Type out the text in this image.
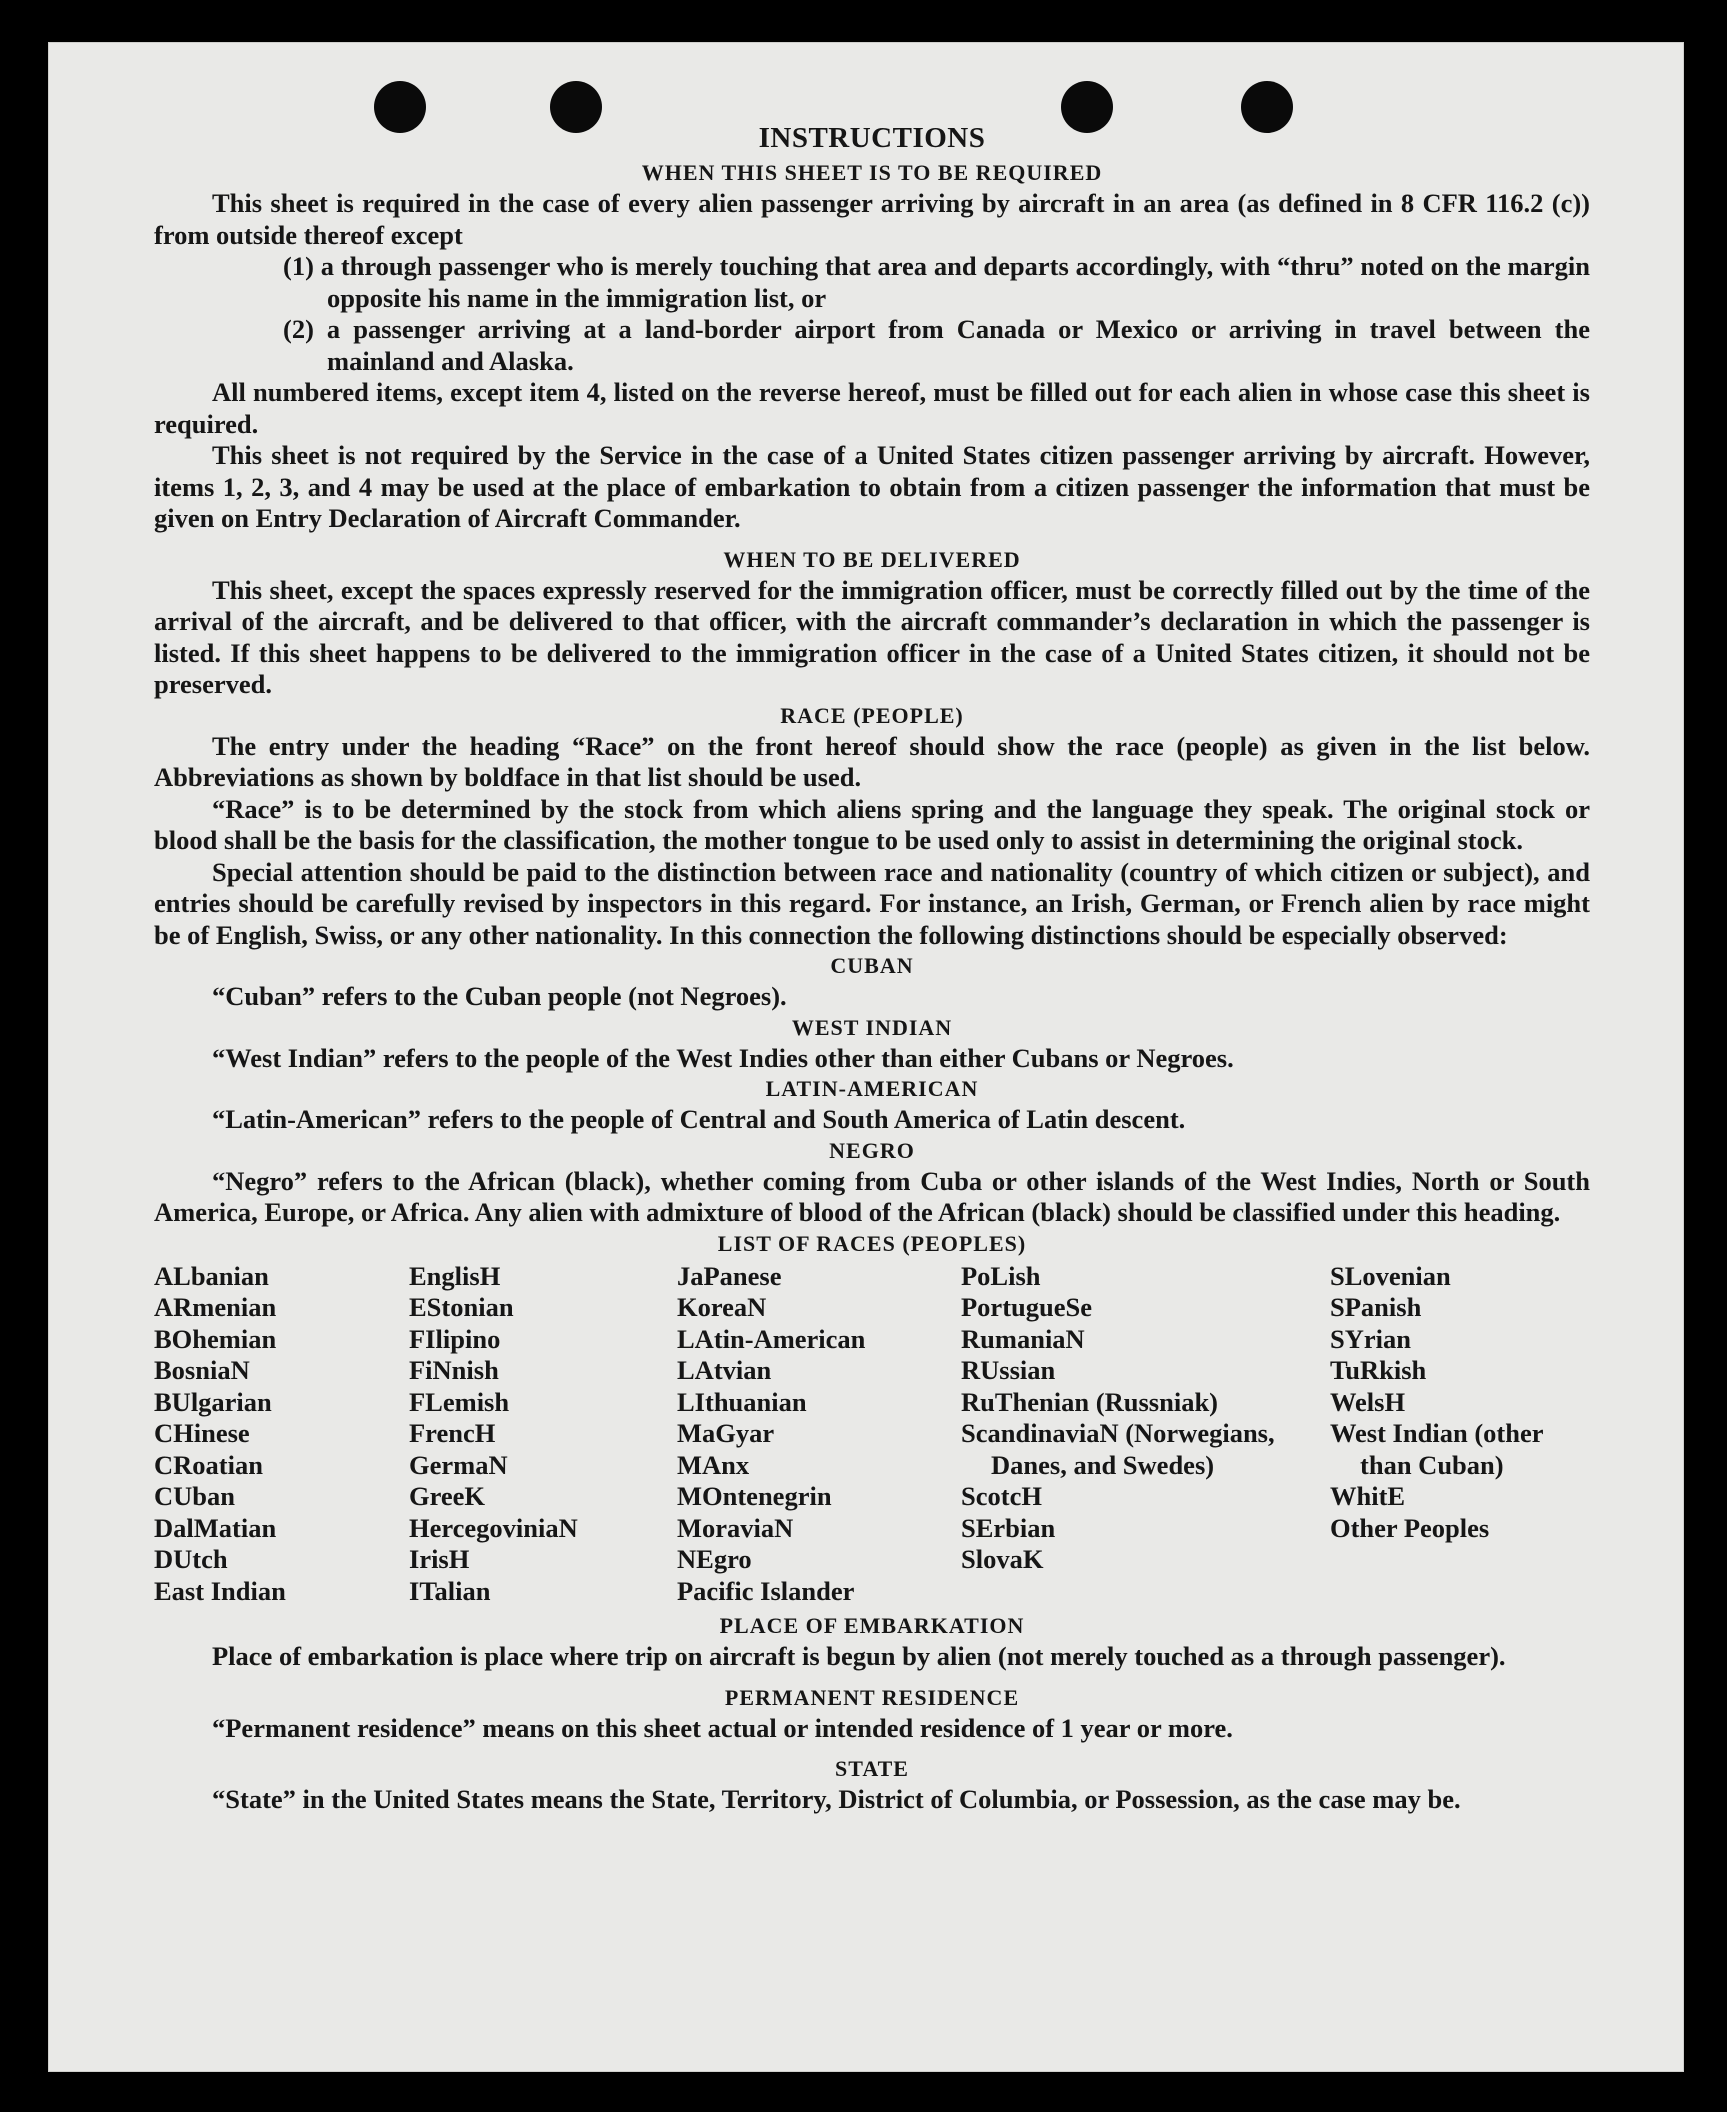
INSTRUCTIONS
WHEN THIS SHEET IS TO BE REQUIRED

This sheet is required in the case of every alien passenger arriving by aircraft in an area (as defined in 8 CFR 116.2 (c)) from outside thereof except

(1) a through passenger who is merely touching that area and departs accordingly, with “thru” noted on the margin opposite his name in the immigration list, or

(2) a passenger arriving at a land-border airport from Canada or Mexico or arriving in travel between the mainland and Alaska.

All numbered items, except item 4, listed on the reverse hereof, must be filled out for each alien in whose case this sheet is required.

This sheet is not required by the Service in the case of a United States citizen passenger arriving by aircraft. However, items 1, 2, 3, and 4 may be used at the place of embarkation to obtain from a citizen passenger the information that must be given on Entry Declaration of Aircraft Commander.

WHEN TO BE DELIVERED

This sheet, except the spaces expressly reserved for the immigration officer, must be correctly filled out by the time of the arrival of the aircraft, and be delivered to that officer, with the aircraft commander’s declaration in which the passenger is listed. If this sheet happens to be delivered to the immigration officer in the case of a United States citizen, it should not be preserved.

RACE (PEOPLE)

The entry under the heading “Race” on the front hereof should show the race (people) as given in the list below. Abbreviations as shown by boldface in that list should be used.

“Race” is to be determined by the stock from which aliens spring and the language they speak. The original stock or blood shall be the basis for the classification, the mother tongue to be used only to assist in determining the original stock.

Special attention should be paid to the distinction between race and nationality (country of which citizen or subject), and entries should be carefully revised by inspectors in this regard. For instance, an Irish, German, or French alien by race might be of English, Swiss, or any other nationality. In this connection the following distinctions should be especially observed:

CUBAN

“Cuban” refers to the Cuban people (not Negroes).

WEST INDIAN

“West Indian” refers to the people of the West Indies other than either Cubans or Negroes.

LATIN-AMERICAN

“Latin-American” refers to the people of Central and South America of Latin descent.

NEGRO

“Negro” refers to the African (black), whether coming from Cuba or other islands of the West Indies, North or South America, Europe, or Africa. Any alien with admixture of blood of the African (black) should be classified under this heading.

LIST OF RACES (PEOPLES)
ALbanian
ARmenian
BOhemian
BosniaN
BUlgarian
CHinese
CRoatian
CUban
DalMatian
DUtch
East Indian
EnglisH
EStonian
FIlipino
FiNnish
FLemish
FrencH
GermaN
GreeK
HercegoviniaN
IrisH
ITalian
JaPanese
KoreaN
LAtin-American
LAtvian
LIthuanian
MaGyar
MAnx
MOntenegrin
MoraviaN
NEgro
Pacific Islander
PoLish
PortugueSe
RumaniaN
RUssian
RuThenian (Russniak)
ScandinaviaN (Norwegians, Danes, and Swedes)
ScotcH
SErbian
SlovaK
SLovenian
SPanish
SYrian
TuRkish
WelsH
West Indian (other than Cuban)
WhitE
Other Peoples
PLACE OF EMBARKATION

Place of embarkation is place where trip on aircraft is begun by alien (not merely touched as a through passenger).

PERMANENT RESIDENCE

“Permanent residence” means on this sheet actual or intended residence of 1 year or more.

STATE

“State” in the United States means the State, Territory, District of Columbia, or Possession, as the case may be.
